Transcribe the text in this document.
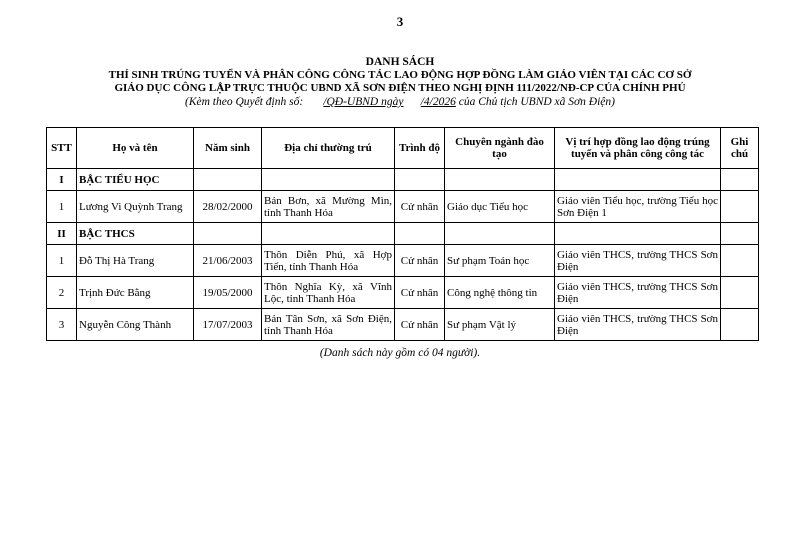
3
DANH SÁCH
THÍ SINH TRÚNG TUYỂN VÀ PHÂN CÔNG CÔNG TÁC LAO ĐỘNG HỢP ĐỒNG LÀM GIÁO VIÊN TẠI CÁC CƠ SỞ
GIÁO DỤC CÔNG LẬP TRỰC THUỘC UBND XÃ SƠN ĐIỆN THEO NGHỊ ĐỊNH 111/2022/NĐ-CP CỦA CHÍNH PHỦ
(Kèm theo Quyết định số: /QĐ-UBND ngày /4/2026 của Chủ tịch UBND xã Sơn Điện)
STT	Họ và tên	Năm sinh	Địa chỉ thường trú	Trình độ	Chuyên ngành đào tạo	Vị trí hợp đồng lao động trúng tuyển và phân công công tác	Ghi chú
I	BẬC TIỂU HỌC						
1	Lương Vi Quỳnh Trang	28/02/2000	Bản Bơn, xã Mường Mìn, tỉnh Thanh Hóa	Cử nhân	Giáo dục Tiểu học	Giáo viên Tiểu học, trường Tiểu học Sơn Điện 1	
II	BẬC THCS						
1	Đỗ Thị Hà Trang	21/06/2003	Thôn Diễn Phú, xã Hợp Tiến, tỉnh Thanh Hóa	Cử nhân	Sư phạm Toán học	Giáo viên THCS, trường THCS Sơn Điện	
2	Trịnh Đức Bằng	19/05/2000	Thôn Nghĩa Kỳ, xã Vĩnh Lộc, tỉnh Thanh Hóa	Cử nhân	Công nghệ thông tin	Giáo viên THCS, trường THCS Sơn Điện	
3	Nguyễn Công Thành	17/07/2003	Bản Tân Sơn, xã Sơn Điện, tỉnh Thanh Hóa	Cử nhân	Sư phạm Vật lý	Giáo viên THCS, trường THCS Sơn Điện	
(Danh sách này gồm có 04 người).
